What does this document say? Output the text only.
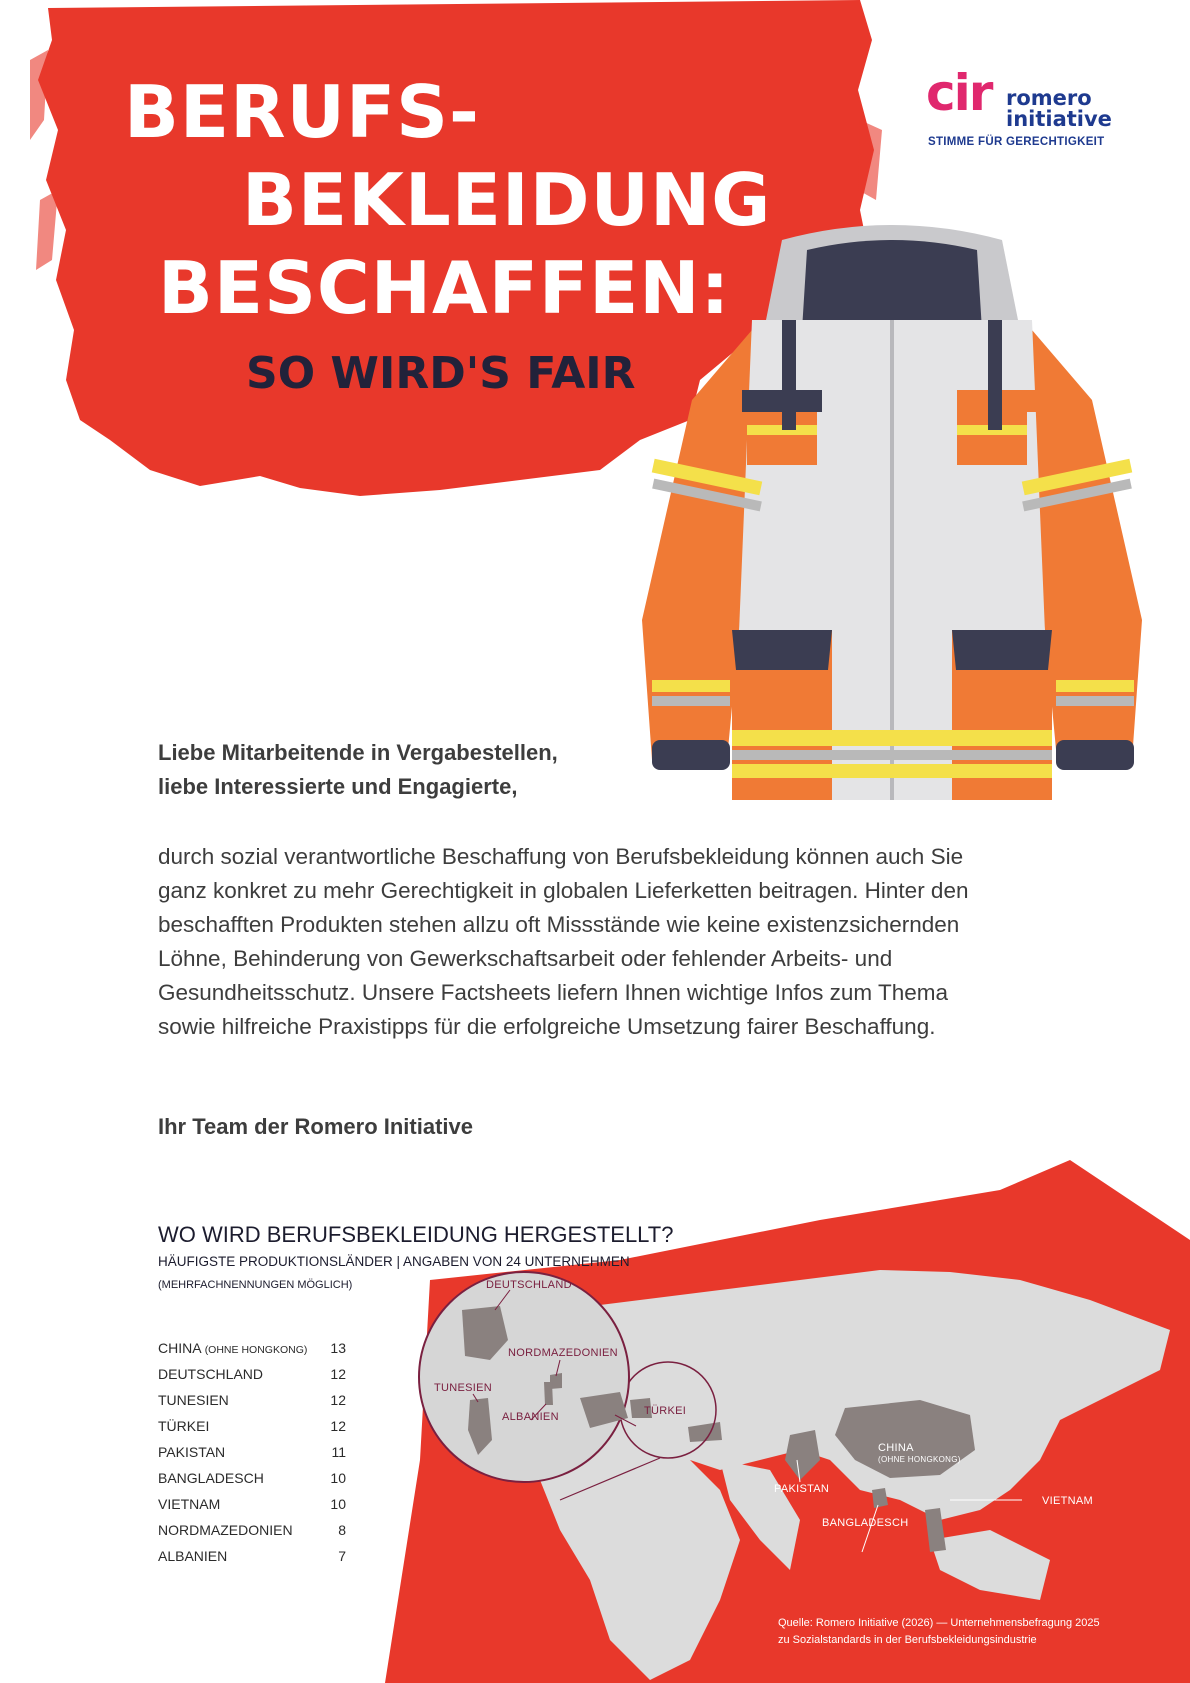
BERUFS-
BEKLEIDUNG
BESCHAFFEN:
SO WIRD'S FAIR
cir romero
initiative
STIMME FÜR GERECHTIGKEIT
Liebe Mitarbeitende in Vergabestellen,
liebe Interessierte und Engagierte,
durch sozial verantwortliche Beschaffung von Berufsbekleidung können auch Sie ganz konkret zu mehr Gerechtigkeit in globalen Lieferketten beitragen. Hinter den beschafften Produkten stehen allzu oft Missstände wie keine existenzsichernden Löhne, Behinderung von Gewerkschaftsarbeit oder fehlender Arbeits- und Gesundheitsschutz. Unsere Factsheets liefern Ihnen wichtige Infos zum Thema sowie hilfreiche Praxistipps für die erfolgreiche Umsetzung fairer Beschaffung.
Ihr Team der Romero Initiative
DEUTSCHLAND
NORDMAZEDONIEN
TUNESIEN
ALBANIEN	TÜRKEI
CHINA
(OHNE HONGKONG)
PAKISTAN
BANGLADESCH
VIETNAM
WO WIRD BERUFSBEKLEIDUNG HERGESTELLT?
HÄUFIGSTE PRODUKTIONSLÄNDER | ANGABEN VON 24 UNTERNEHMEN
(MEHRFACHNENNUNGEN MÖGLICH)
CHINA (OHNE HONGKONG) 13
DEUTSCHLAND	12
TUNESIEN	12
TÜRKEI	12
PAKISTAN	11
BANGLADESCH	10
VIETNAM	10
NORDMAZEDONIEN	8
ALBANIEN	7
Quelle: Romero Initiative (2026) — Unternehmensbefragung 2025
zu Sozialstandards in der Berufsbekleidungsindustrie
